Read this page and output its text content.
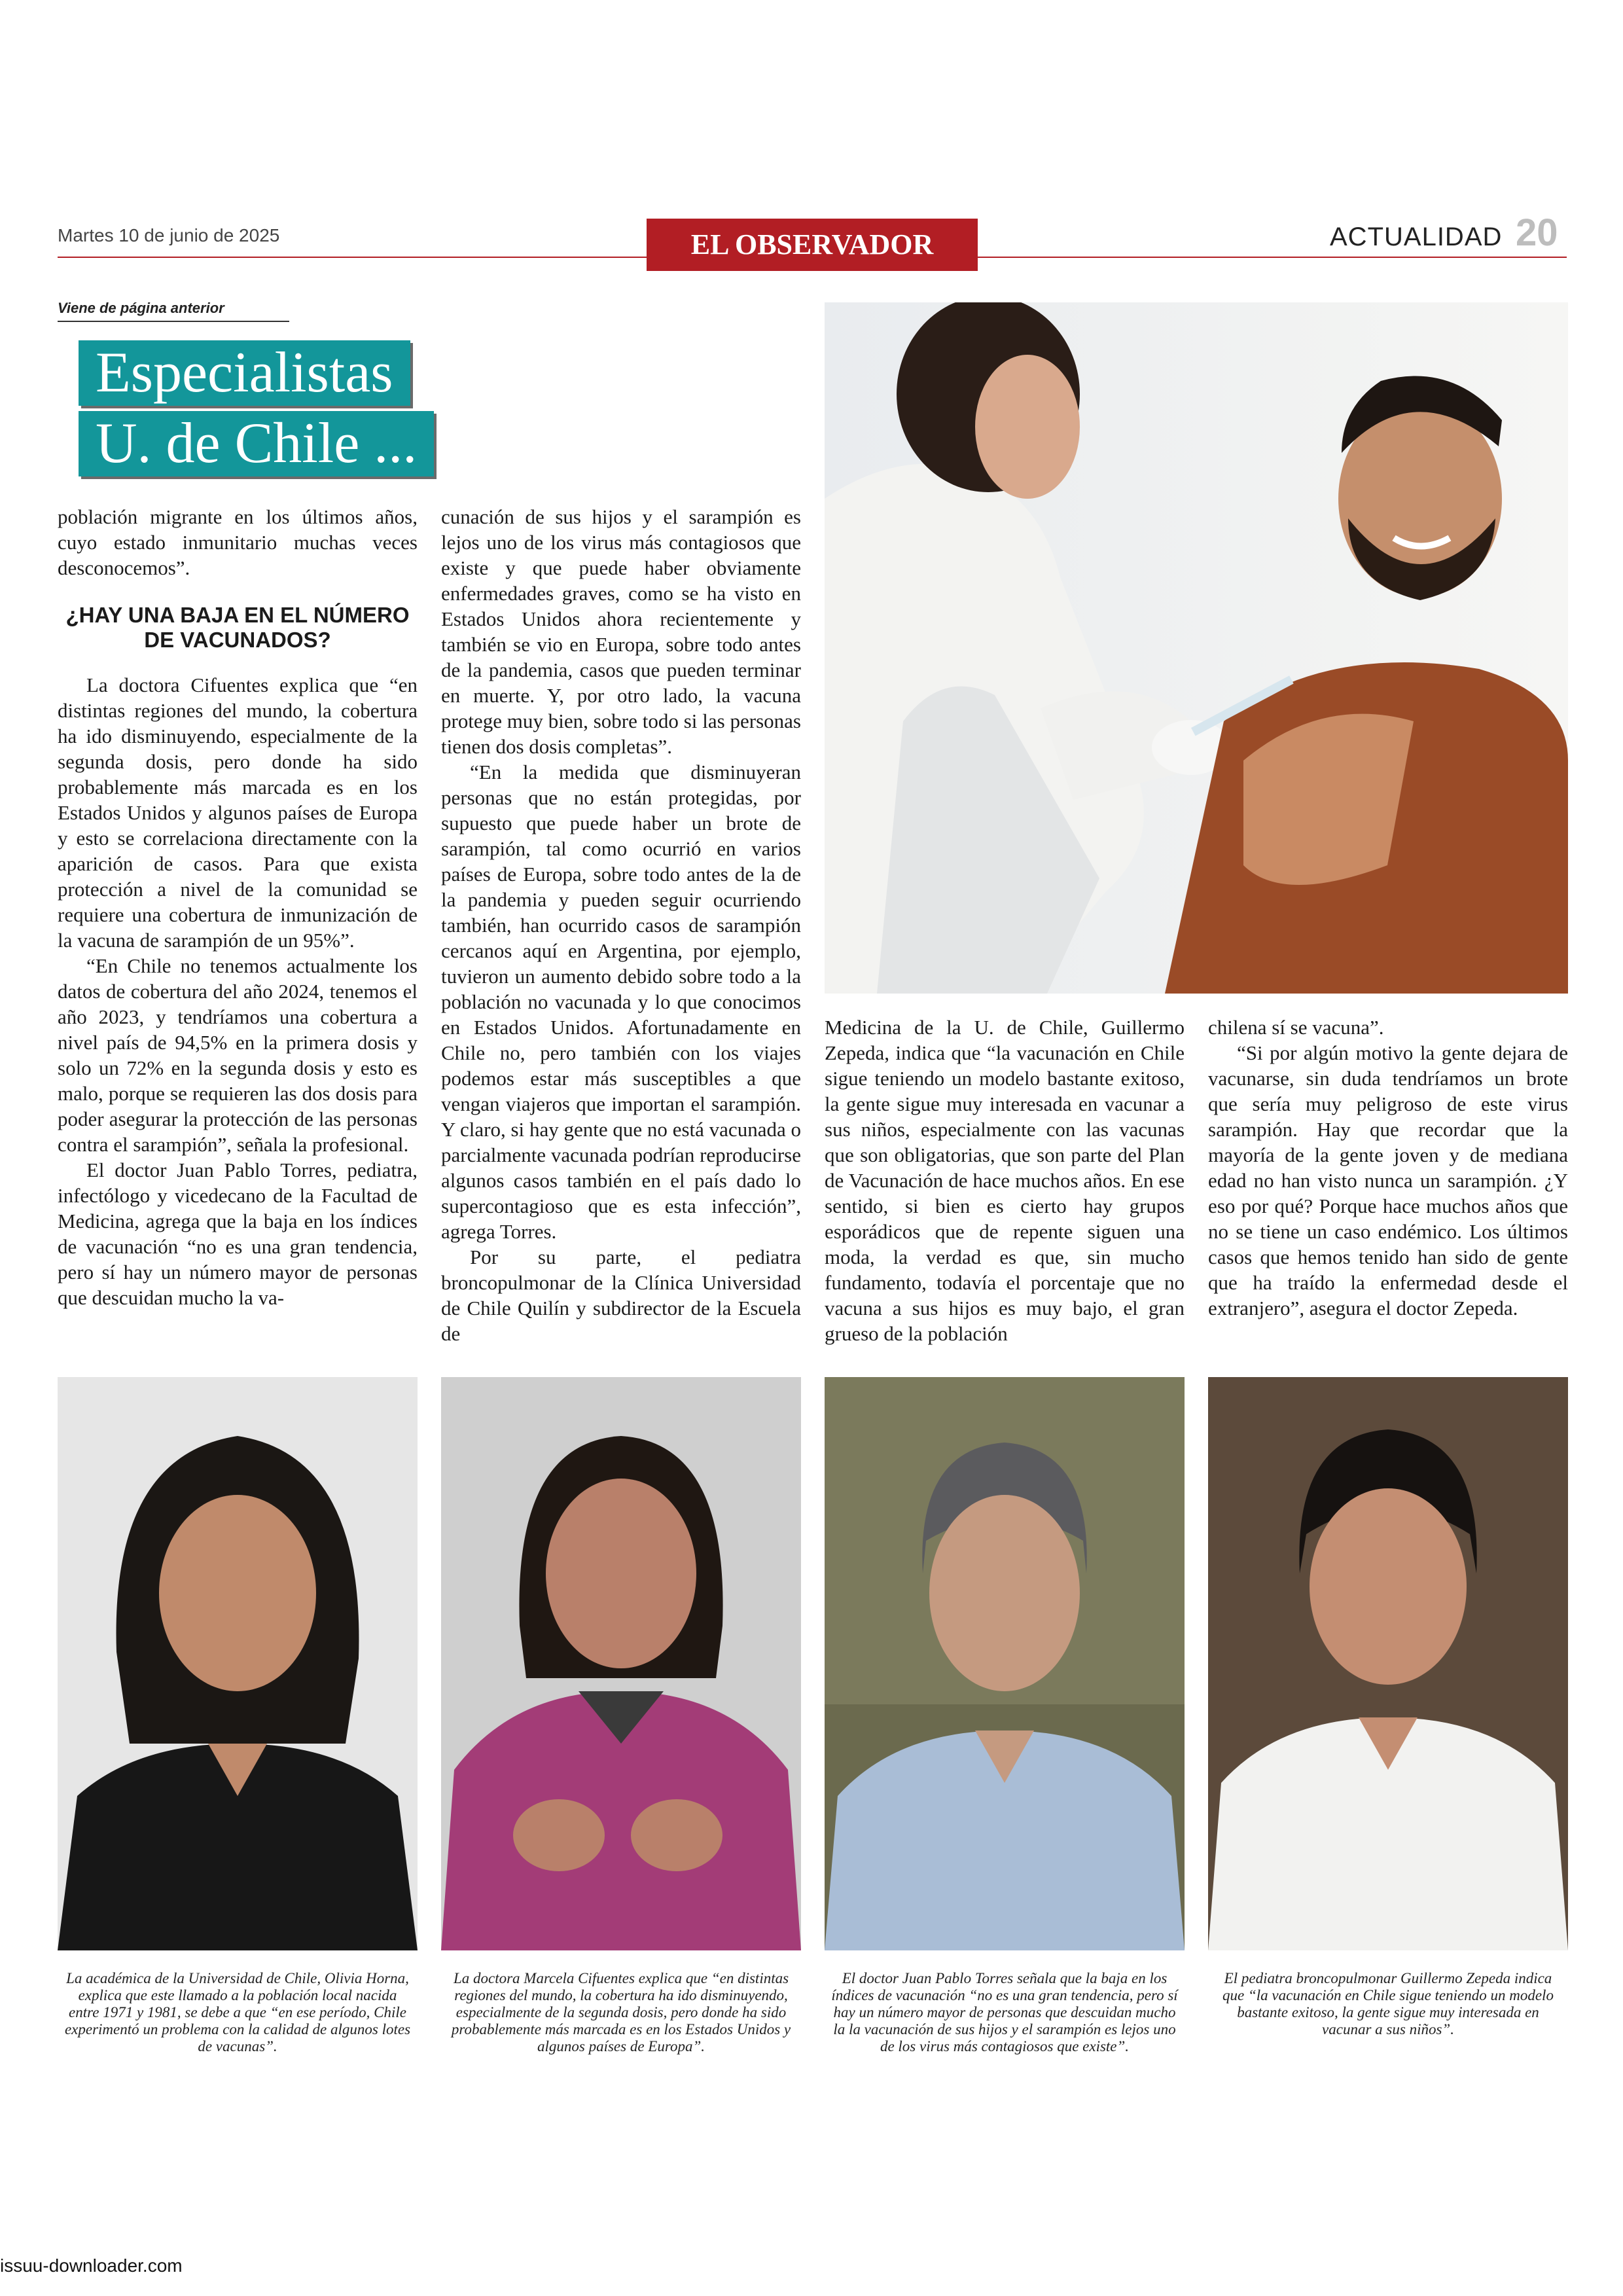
Martes 10 de junio de 2025	EL OBSERVADOR	ACTUALIDAD 20
Viene de página anterior
Especialistas
U. de Chile ...

población migrante en los últimos años, cuyo estado inmunitario muchas veces desconocemos”.

¿HAY UNA BAJA EN EL NÚMERO DE VACUNADOS?

La doctora Cifuentes explica que “en distintas regiones del mundo, la cobertura ha ido disminuyendo, especialmente de la segunda dosis, pero donde ha sido probablemente más marcada es en los Estados Unidos y algunos países de Europa y esto se correlaciona directamente con la aparición de casos. Para que exista protección a nivel de la comunidad se requiere una cobertura de inmunización de la vacuna de sarampión de un 95%”.

“En Chile no tenemos actualmente los datos de cobertura del año 2024, tenemos el año 2023, y tendríamos una cobertura a nivel país de 94,5% en la primera dosis y solo un 72% en la segunda dosis y esto es malo, porque se requieren las dos dosis para poder asegurar la protección de las personas contra el sarampión”, señala la profesional.

El doctor Juan Pablo Torres, pediatra, infectólogo y vicedecano de la Facultad de Medicina, agrega que la baja en los índices de vacunación “no es una gran tendencia, pero sí hay un número mayor de personas que descuidan mucho la va-

cunación de sus hijos y el sarampión es lejos uno de los virus más contagiosos que existe y que puede haber obviamente enfermedades graves, como se ha visto en Estados Unidos ahora recientemente y también se vio en Europa, sobre todo antes de la pandemia, casos que pueden terminar en muerte. Y, por otro lado, la vacuna protege muy bien, sobre todo si las personas tienen dos dosis completas”.

“En la medida que disminuyeran personas que no están protegidas, por supuesto que puede haber un brote de sarampión, tal como ocurrió en varios países de Europa, sobre todo antes de la de la pandemia y pueden seguir ocurriendo también, han ocurrido casos de sarampión cercanos aquí en Argentina, por ejemplo, tuvieron un aumento debido sobre todo a la población no vacunada y lo que conocimos en Estados Unidos. Afortunadamente en Chile no, pero también con los viajes podemos estar más susceptibles a que vengan viajeros que importan el sarampión. Y claro, si hay gente que no está vacunada o parcialmente vacunada podrían reproducirse algunos casos también en el país dado lo supercontagioso que es esta infección”, agrega Torres.

Por su parte, el pediatra broncopulmonar de la Clínica Universidad de Chile Quilín y subdirector de la Escuela de

Medicina de la U. de Chile, Guillermo Zepeda, indica que “la vacunación en Chile sigue teniendo un modelo bastante exitoso, la gente sigue muy interesada en vacunar a sus niños, especialmente con las vacunas que son obligatorias, que son parte del Plan de Vacunación de hace muchos años. En ese sentido, si bien es cierto hay grupos esporádicos que de repente siguen una moda, la verdad es que, sin mucho fundamento, todavía el porcentaje que no vacuna a sus hijos es muy bajo, el gran grueso de la población

chilena sí se vacuna”.

“Si por algún motivo la gente dejara de vacunarse, sin duda tendríamos un brote que sería muy peligroso de este virus sarampión. Hay que recordar que la mayoría de la gente joven y de mediana edad no han visto nunca un sarampión. ¿Y eso por qué? Porque hace muchos años que no se tiene un caso endémico. Los últimos casos que hemos tenido han sido de gente que ha traído la enfermedad desde el extranjero”, asegura el doctor Zepeda.

La académica de la Universidad de Chile, Olivia Horna, explica que este llamado a la población local nacida entre 1971 y 1981, se debe a que “en ese período, Chile experimentó un problema con la calidad de algunos lotes de vacunas”.
La doctora Marcela Cifuentes explica que “en distintas regiones del mundo, la cobertura ha ido disminuyendo, especialmente de la segunda dosis, pero donde ha sido probablemente más marcada es en los Estados Unidos y algunos países de Europa”.
El doctor Juan Pablo Torres señala que la baja en los índices de vacunación “no es una gran tendencia, pero sí hay un número mayor de personas que descuidan mucho la la vacunación de sus hijos y el sarampión es lejos uno de los virus más contagiosos que existe”.
El pediatra broncopulmonar Guillermo Zepeda indica que “la vacunación en Chile sigue teniendo un modelo bastante exitoso, la gente sigue muy interesada en vacunar a sus niños”.
issuu-downloader.com
